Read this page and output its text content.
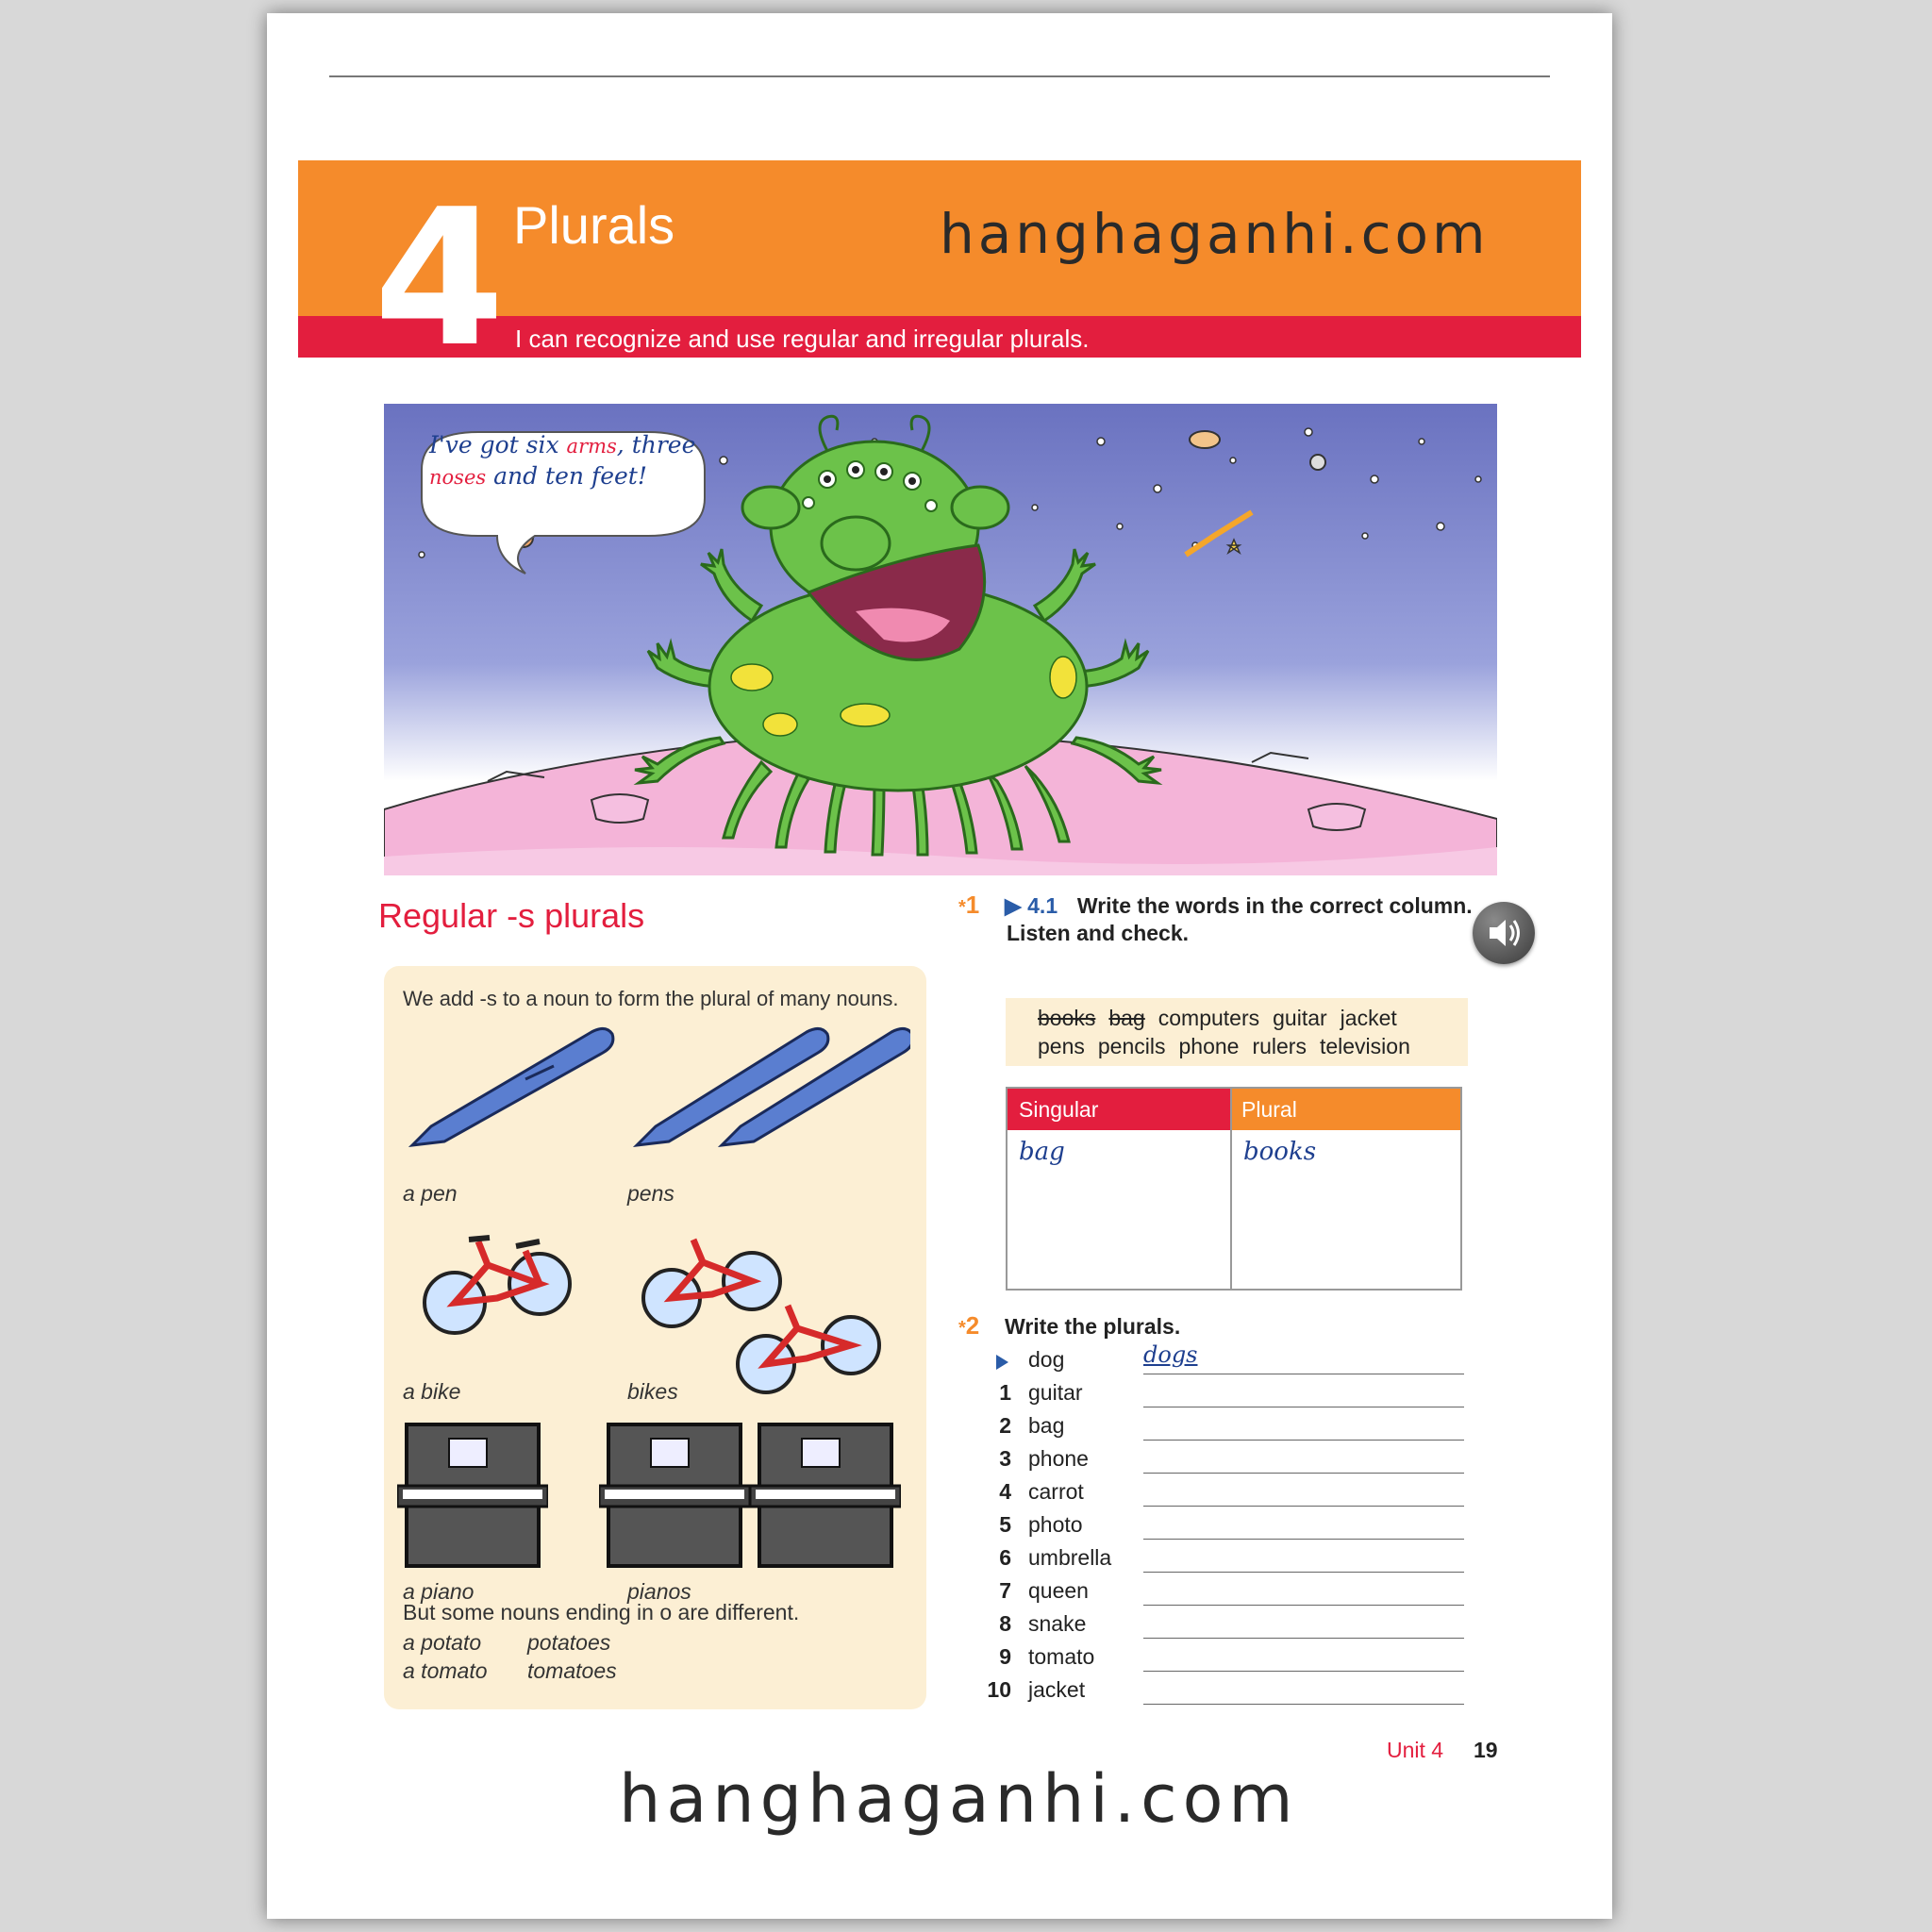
4 Plurals	hanghaganhi.com
I can recognize and use regular and irregular plurals.
I've got six arms, three
noses and ten feet!
Regular -s plurals
We add -s to a noun to form the plural of many nouns.
a pen	pens
a bike	bikes
a piano	pianos
But some nouns ending in o are different.
a potato potatoes
a tomato tomatoes
*1 ▶ 4.1 Write the words in the correct column.
Listen and check.
books bag computers guitar jacket
pens pencils phone rulers television
Singular	Plural
bag	books
*2 Write the plurals.
dog	dogs
1 guitar
2 bag
3 phone
4 carrot
5 photo
6 umbrella
7 queen
8 snake
9 tomato
10 jacket
Unit 4 19
hanghaganhi.com
